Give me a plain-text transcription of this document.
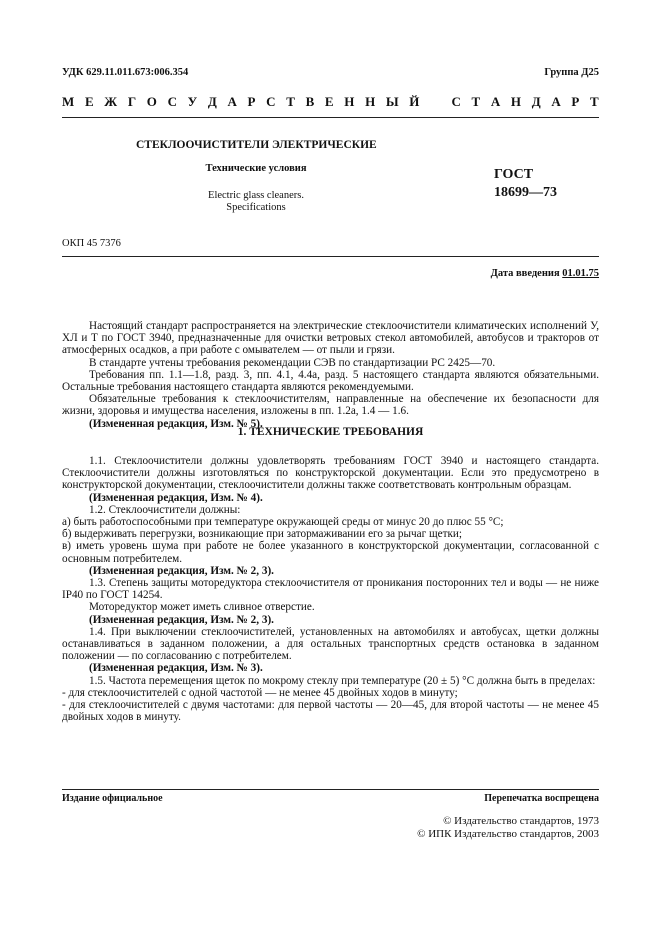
УДК 629.11.011.673:006.354	Группа Д25
М Е Ж Г О С У Д А Р С Т В Е Н Н Ы Й С Т А Н Д А Р Т
СТЕКЛООЧИСТИТЕЛИ ЭЛЕКТРИЧЕСКИЕ
Технические условия
Electric glass cleaners.
Specifications
ГОСТ
18699—73
ОКП 45 7376
Дата введения 01.01.75

Настоящий стандарт распространяется на электрические стеклоочистители климатических исполнений У, ХЛ и Т по ГОСТ 3940, предназначенные для очистки ветровых стекол автомобилей, автобусов и тракторов от атмосферных осадков, а при работе с омывателем — от пыли и грязи.

В стандарте учтены требования рекомендации СЭВ по стандартизации РС 2425—70.

Требования пп. 1.1—1.8, разд. 3, пп. 4.1, 4.4а, разд. 5 настоящего стандарта являются обязательными. Остальные требования настоящего стандарта являются рекомендуемыми.

Обязательные требования к стеклоочистителям, направленные на обеспечение их безопасности для жизни, здоровья и имущества населения, изложены в пп. 1.2а, 1.4 — 1.6.

(Измененная редакция, Изм. № 5).

1. ТЕХНИЧЕСКИЕ ТРЕБОВАНИЯ

1.1. Стеклоочистители должны удовлетворять требованиям ГОСТ 3940 и настоящего стандарта. Стеклоочистители должны изготовляться по конструкторской документации. Если это предусмотрено в конструкторской документации, стеклоочистители должны также соответствовать контрольным образцам.

(Измененная редакция, Изм. № 4).

1.2. Стеклоочистители должны:

а) быть работоспособными при температуре окружающей среды от минус 20 до плюс 55 °С;

б) выдерживать перегрузки, возникающие при затормаживании его за рычаг щетки;

в) иметь уровень шума при работе не более указанного в конструкторской документации, согласованной с основным потребителем.

(Измененная редакция, Изм. № 2, 3).

1.3. Степень защиты моторедуктора стеклоочистителя от проникания посторонних тел и воды — не ниже IP40 по ГОСТ 14254.

Моторедуктор может иметь сливное отверстие.

(Измененная редакция, Изм. № 2, 3).

1.4. При выключении стеклоочистителей, установленных на автомобилях и автобусах, щетки должны останавливаться в заданном положении, а для остальных транспортных средств остановка в заданном положении — по согласованию с потребителем.

(Измененная редакция, Изм. № 3).

1.5. Частота перемещения щеток по мокрому стеклу при температуре (20 ± 5) °С должна быть в пределах:

- для стеклоочистителей с одной частотой — не менее 45 двойных ходов в минуту;

- для стеклоочистителей с двумя частотами: для первой частоты — 20—45, для второй частоты — не менее 45 двойных ходов в минуту.

Издание официальное	Перепечатка воспрещена
© Издательство стандартов, 1973
© ИПК Издательство стандартов, 2003
